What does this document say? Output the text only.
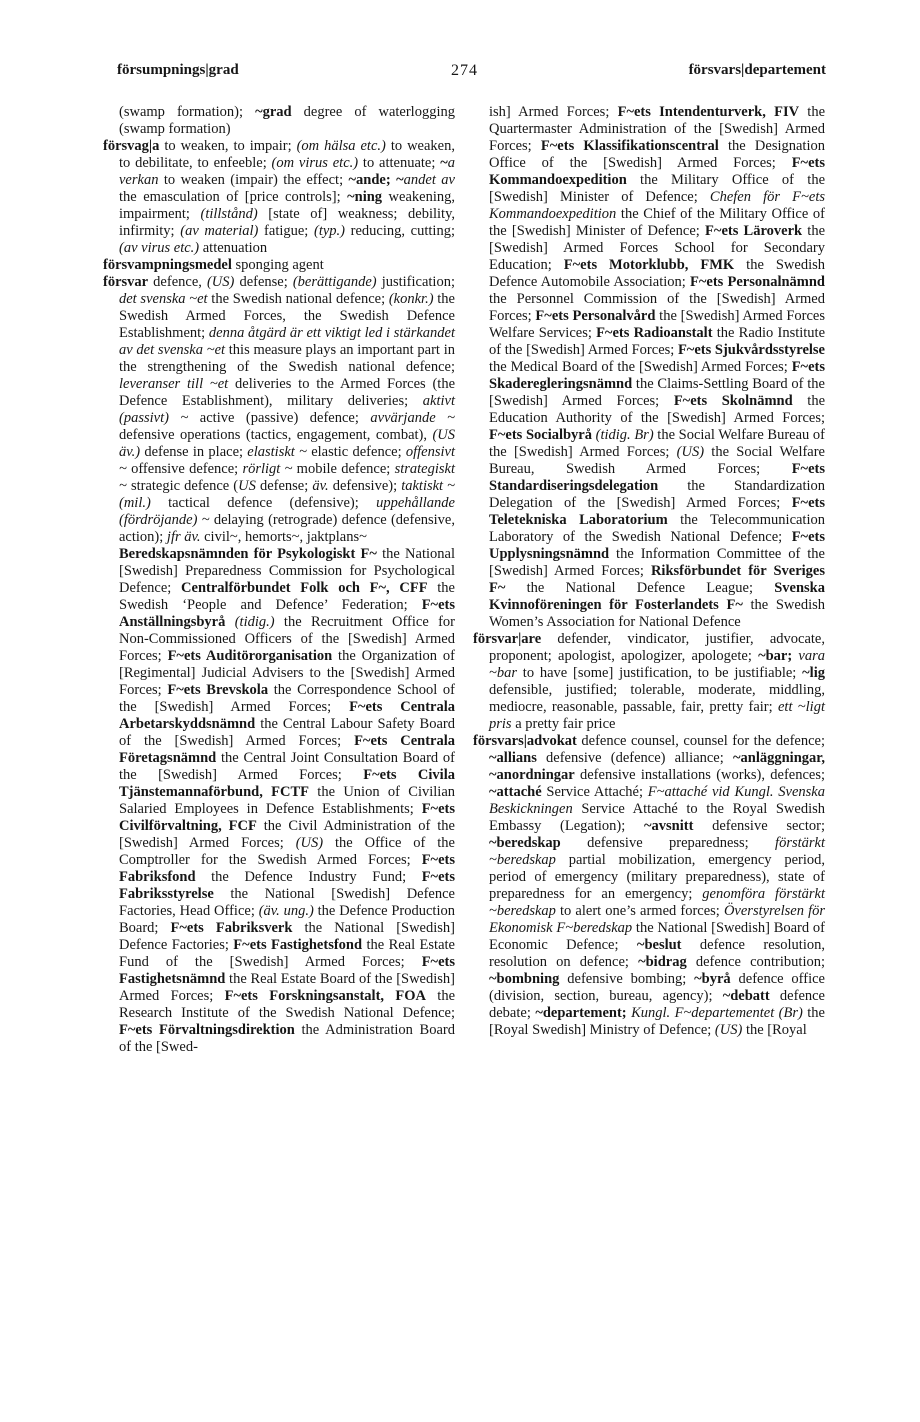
försumpnings|grad	274	försvars|departement

(swamp formation); ~grad degree of waterlogging (swamp formation)

försvag|a to weaken, to impair; (om hälsa etc.) to weaken, to debilitate, to enfeeble; (om virus etc.) to attenuate; ~a verkan to weaken (impair) the effect; ~ande; ~andet av the emasculation of [price controls]; ~ning weakening, impairment; (tillstånd) [state of] weakness; debility, infirmity; (av material) fatigue; (typ.) reducing, cutting; (av virus etc.) attenuation

försvampningsmedel sponging agent

försvar defence, (US) defense; (berättigande) justification; det svenska ~et the Swedish national defence; (konkr.) the Swedish Armed Forces, the Swedish Defence Establishment; denna åtgärd är ett viktigt led i stärkandet av det svenska ~et this measure plays an important part in the strengthening of the Swedish national defence; leveranser till ~et deliveries to the Armed Forces (the Defence Establishment), military deliveries; aktivt (passivt) ~ active (passive) defence; avvärjande ~ defensive operations (tactics, engagement, combat), (US äv.) defense in place; elastiskt ~ elastic defence; offensivt ~ offensive defence; rörligt ~ mobile defence; strategiskt ~ strategic defence (US defense; äv. defensive); taktiskt ~ (mil.) tactical defence (defensive); uppehållande (fördröjande) ~ delaying (retrograde) defence (defensive, action); jfr äv. civil~, hemorts~, jaktplans~

Beredskapsnämnden för Psykologiskt F~ the National [Swedish] Preparedness Commission for Psychological Defence; Centralförbundet Folk och F~, CFF the Swedish ‘People and Defence’ Federation; F~ets Anställningsbyrå (tidig.) the Recruitment Office for Non-Commissioned Officers of the [Swedish] Armed Forces; F~ets Auditörorganisation the Organization of [Regimental] Judicial Advisers to the [Swedish] Armed Forces; F~ets Brevskola the Correspondence School of the [Swedish] Armed Forces; F~ets Centrala Arbetarskyddsnämnd the Central Labour Safety Board of the [Swedish] Armed Forces; F~ets Centrala Företagsnämnd the Central Joint Consultation Board of the [Swedish] Armed Forces; F~ets Civila Tjänstemannaförbund, FCTF the Union of Civilian Salaried Employees in Defence Establishments; F~ets Civilförvaltning, FCF the Civil Administration of the [Swedish] Armed Forces; (US) the Office of the Comptroller for the Swedish Armed Forces; F~ets Fabriksfond the Defence Industry Fund; F~ets Fabriksstyrelse the National [Swedish] Defence Factories, Head Office; (äv. ung.) the Defence Production Board; F~ets Fabriksverk the National [Swedish] Defence Factories; F~ets Fastighetsfond the Real Estate Fund of the [Swedish] Armed Forces; F~ets Fastighetsnämnd the Real Estate Board of the [Swedish] Armed Forces; F~ets Forskningsanstalt, FOA the Research Institute of the Swedish National Defence; F~ets Förvaltningsdirektion the Administration Board of the [Swed-

ish] Armed Forces; F~ets Intendenturverk, FIV the Quartermaster Administration of the [Swedish] Armed Forces; F~ets Klassifikationscentral the Designation Office of the [Swedish] Armed Forces; F~ets Kommandoexpedition the Military Office of the [Swedish] Minister of Defence; Chefen för F~ets Kommandoexpedition the Chief of the Military Office of the [Swedish] Minister of Defence; F~ets Läroverk the [Swedish] Armed Forces School for Secondary Education; F~ets Motorklubb, FMK the Swedish Defence Automobile Association; F~ets Personalnämnd the Personnel Commission of the [Swedish] Armed Forces; F~ets Personalvård the [Swedish] Armed Forces Welfare Services; F~ets Radioanstalt the Radio Institute of the [Swedish] Armed Forces; F~ets Sjukvårdsstyrelse the Medical Board of the [Swedish] Armed Forces; F~ets Skaderegleringsnämnd the Claims-Settling Board of the [Swedish] Armed Forces; F~ets Skolnämnd the Education Authority of the [Swedish] Armed Forces; F~ets Socialbyrå (tidig. Br) the Social Welfare Bureau of the [Swedish] Armed Forces; (US) the Social Welfare Bureau, Swedish Armed Forces; F~ets Standardiseringsdelegation the Standardization Delegation of the [Swedish] Armed Forces; F~ets Teletekniska Laboratorium the Telecommunication Laboratory of the Swedish National Defence; F~ets Upplysningsnämnd the Information Committee of the [Swedish] Armed Forces; Riksförbundet för Sveriges F~ the National Defence League; Svenska Kvinnoföreningen för Fosterlandets F~ the Swedish Women’s Association for National Defence

försvar|are defender, vindicator, justifier, advocate, proponent; apologist, apologizer, apologete; ~bar; vara ~bar to have [some] justification, to be justifiable; ~lig defensible, justified; tolerable, moderate, middling, mediocre, reasonable, passable, fair, pretty fair; ett ~ligt pris a pretty fair price

försvars|advokat defence counsel, counsel for the defence; ~allians defensive (defence) alliance; ~anläggningar, ~anordningar defensive installations (works), defences; ~attaché Service Attaché; F~attaché vid Kungl. Svenska Beskickningen Service Attaché to the Royal Swedish Embassy (Legation); ~avsnitt defensive sector; ~beredskap defensive preparedness; förstärkt ~beredskap partial mobilization, emergency period, period of emergency (military preparedness), state of preparedness for an emergency; genomföra förstärkt ~beredskap to alert one’s armed forces; Överstyrelsen för Ekonomisk F~beredskap the National [Swedish] Board of Economic Defence; ~beslut defence resolution, resolution on defence; ~bidrag defence contribution; ~bombning defensive bombing; ~byrå defence office (division, section, bureau, agency); ~debatt defence debate; ~departement; Kungl. F~departementet (Br) the [Royal Swedish] Ministry of Defence; (US) the [Royal
